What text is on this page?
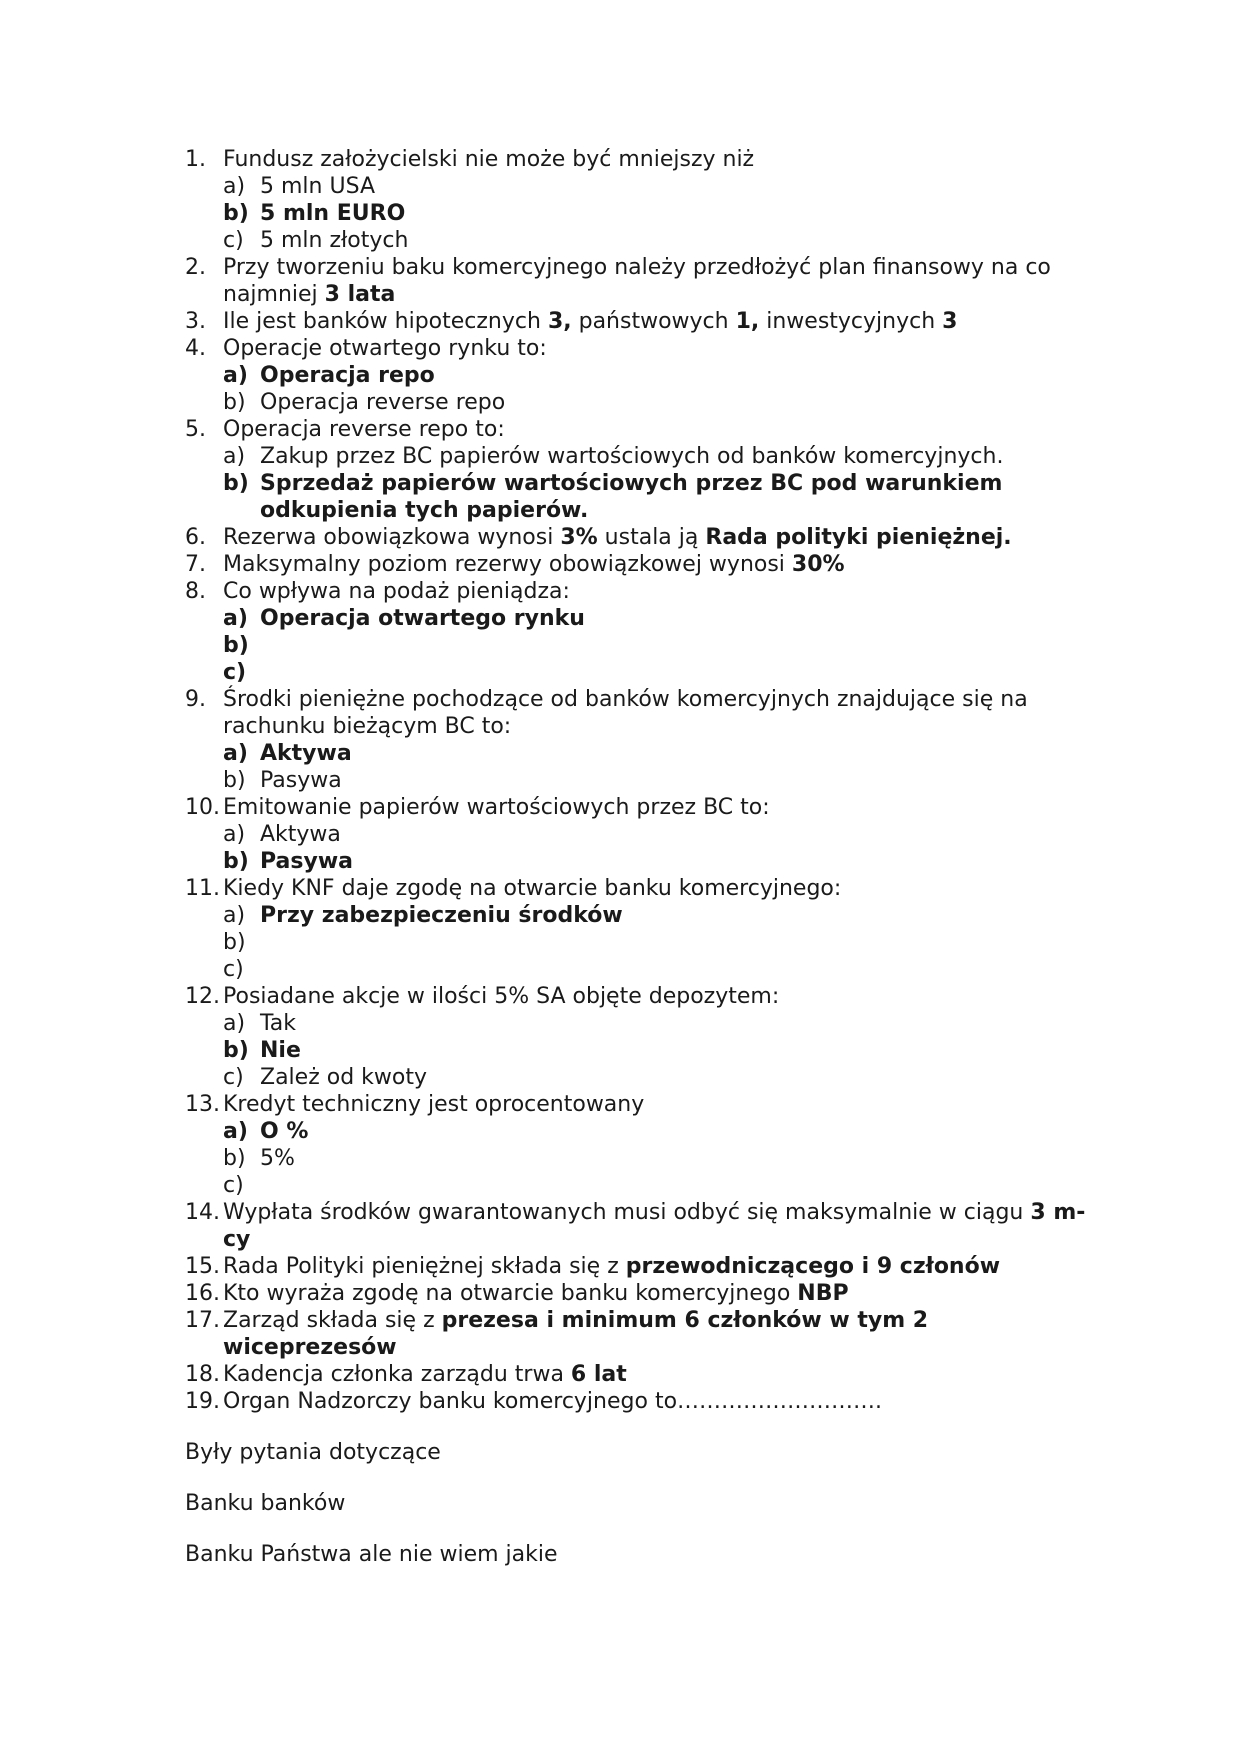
1. Fundusz założycielski nie może być mniejszy niż
a) 5 mln USA
b) 5 mln EURO
c) 5 mln złotych
2. Przy tworzeniu baku komercyjnego należy przedłożyć plan finansowy na co najmniej 3 lata
3. Ile jest banków hipotecznych 3, państwowych 1, inwestycyjnych 3
4. Operacje otwartego rynku to:
a) Operacja repo
b) Operacja reverse repo
5. Operacja reverse repo to:
a) Zakup przez BC papierów wartościowych od banków komercyjnych.
b) Sprzedaż papierów wartościowych przez BC pod warunkiem odkupienia tych papierów.
6. Rezerwa obowiązkowa wynosi 3% ustala ją Rada polityki pieniężnej.
7. Maksymalny poziom rezerwy obowiązkowej wynosi 30%
8. Co wpływa na podaż pieniądza:
a) Operacja otwartego rynku
b)
c)
9. Środki pieniężne pochodzące od banków komercyjnych znajdujące się na rachunku bieżącym BC to:
a) Aktywa
b) Pasywa
10. Emitowanie papierów wartościowych przez BC to:
a) Aktywa
b) Pasywa
11. Kiedy KNF daje zgodę na otwarcie banku komercyjnego:
a) Przy zabezpieczeniu środków
b)
c)
12. Posiadane akcje w ilości 5% SA objęte depozytem:
a) Tak
b) Nie
c) Zależ od kwoty
13. Kredyt techniczny jest oprocentowany
a) O %
b) 5%
c)
14. Wypłata środków gwarantowanych musi odbyć się maksymalnie w ciągu 3 m-cy
15. Rada Polityki pieniężnej składa się z przewodniczącego i 9 członów
16. Kto wyraża zgodę na otwarcie banku komercyjnego NBP
17. Zarząd składa się z prezesa i minimum 6 członków w tym 2 wiceprezesów
18. Kadencja członka zarządu trwa 6 lat
19. Organ Nadzorczy banku komercyjnego to……………………….
Były pytania dotyczące
Banku banków
Banku Państwa ale nie wiem jakie
